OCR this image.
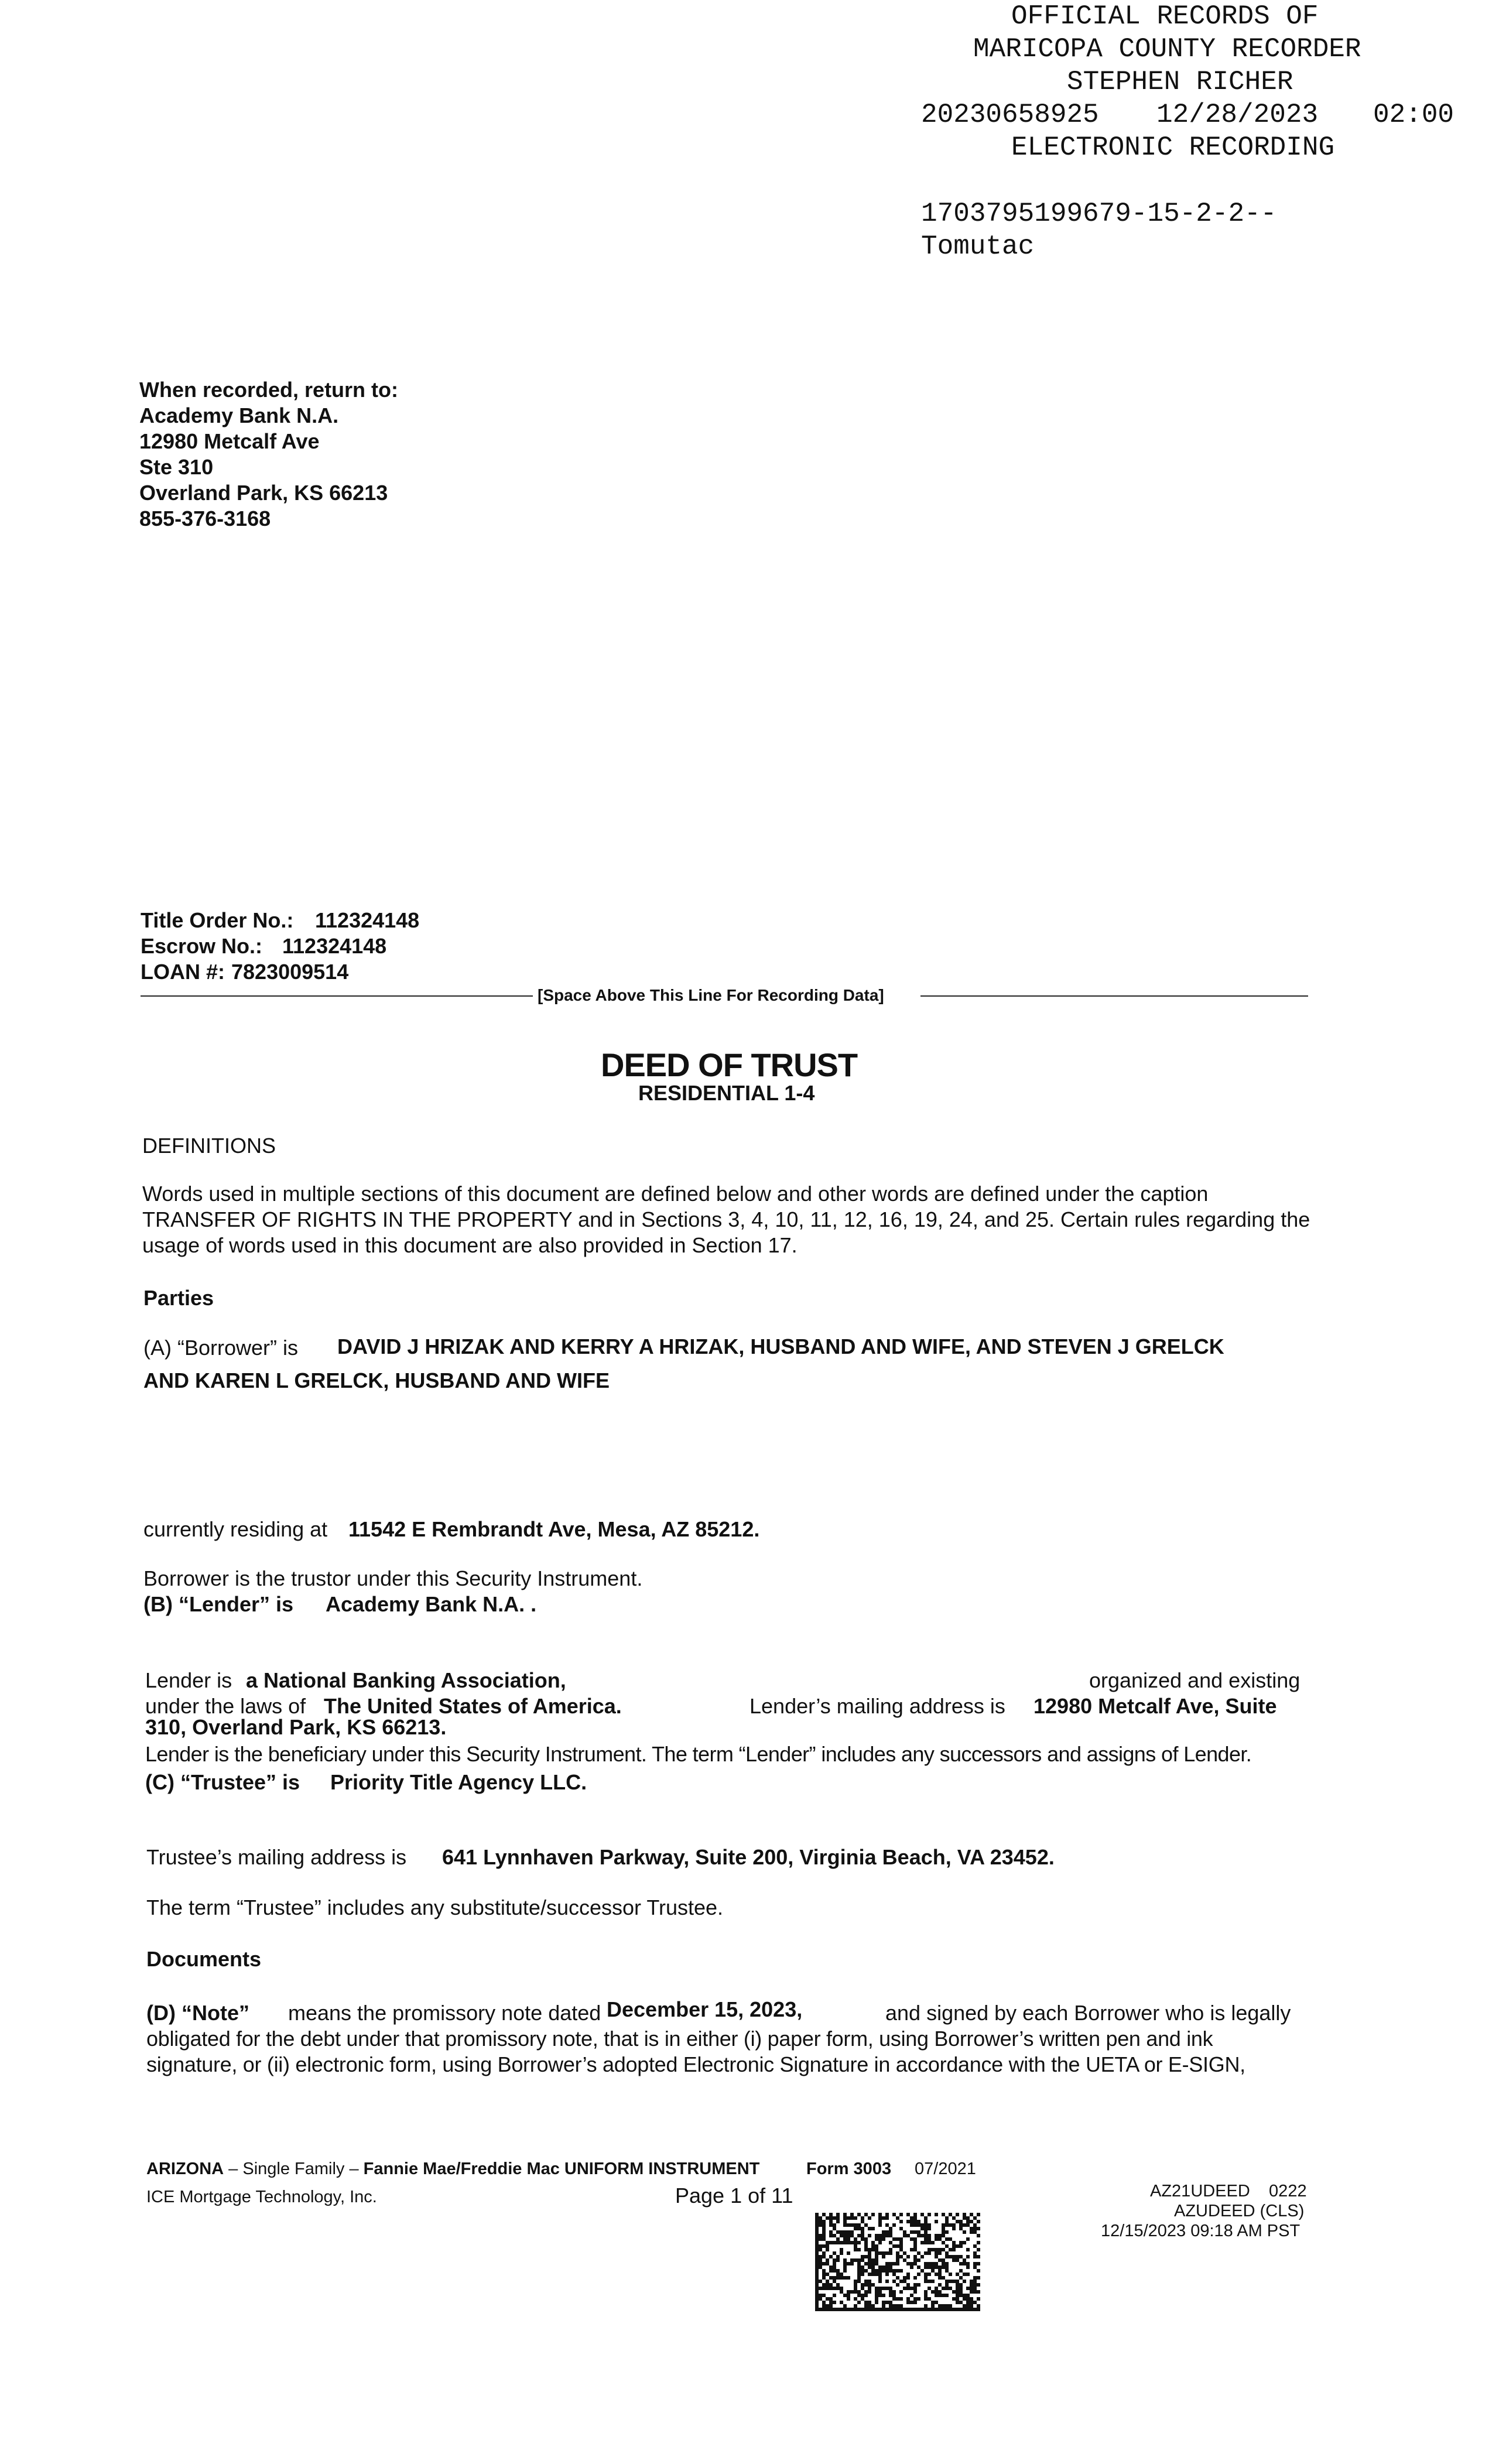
OFFICIAL RECORDS OF
MARICOPA COUNTY RECORDER
STEPHEN RICHER
20230658925 12/28/2023 02:00
ELECTRONIC RECORDING
1703795199679-15-2-2--
Tomutac
When recorded, return to:
Academy Bank N.A.
12980 Metcalf Ave
Ste 310
Overland Park, KS 66213
855-376-3168
Title Order No.: 112324148
Escrow No.: 112324148
LOAN #: 7823009514
[Space Above This Line For Recording Data]
DEED OF TRUST
RESIDENTIAL 1-4
DEFINITIONS
Words used in multiple sections of this document are defined below and other words are defined under the caption TRANSFER OF RIGHTS IN THE PROPERTY and in Sections 3, 4, 10, 11, 12, 16, 19, 24, and 25. Certain rules regarding the usage of words used in this document are also provided in Section 17.
Parties
(A) “Borrower” is DAVID J HRIZAK AND KERRY A HRIZAK, HUSBAND AND WIFE, AND STEVEN J GRELCK
AND KAREN L GRELCK, HUSBAND AND WIFE
currently residing at 11542 E Rembrandt Ave, Mesa, AZ 85212.
Borrower is the trustor under this Security Instrument.
(B) “Lender” is Academy Bank N.A. .
Lender is a National Banking Association,	organized and existing
under the laws of The United States of America.	Lender’s mailing address is 12980 Metcalf Ave, Suite
310, Overland Park, KS 66213.
Lender is the beneficiary under this Security Instrument. The term “Lender” includes any successors and assigns of Lender.
(C) “Trustee” is Priority Title Agency LLC.
Trustee’s mailing address is 641 Lynnhaven Parkway, Suite 200, Virginia Beach, VA 23452.
The term “Trustee” includes any substitute/successor Trustee.
Documents
(D) “Note” means the promissory note dated December 15, 2023,	and signed by each Borrower who is legally
obligated for the debt under that promissory note, that is in either (i) paper form, using Borrower’s written pen and ink
signature, or (ii) electronic form, using Borrower’s adopted Electronic Signature in accordance with the UETA or E-SIGN,
ARIZONA – Single Family – Fannie Mae/Freddie Mac UNIFORM INSTRUMENT	Form 3003 07/2021
ICE Mortgage Technology, Inc.	Page 1 of 11	AZ21UDEED    0222
AZUDEED (CLS)
12/15/2023 09:18 AM PST
